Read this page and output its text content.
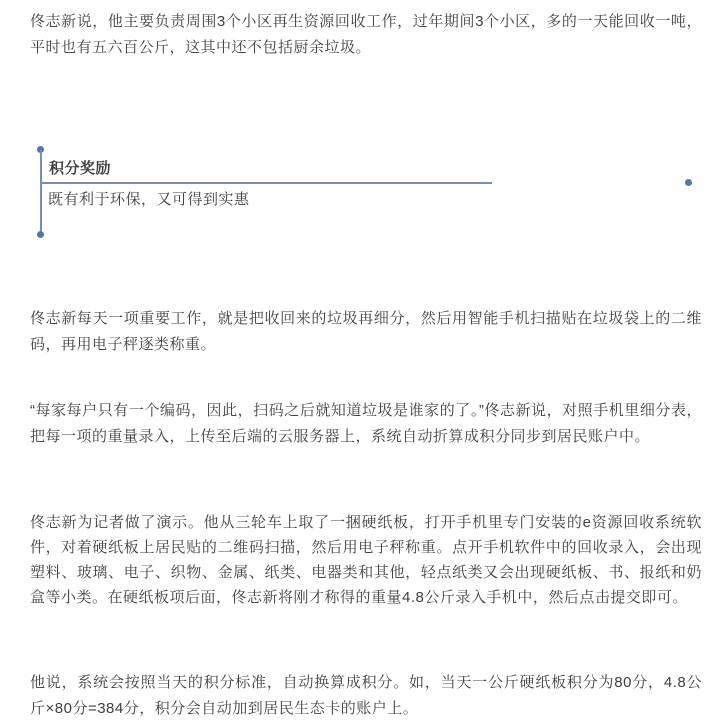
佟志新说，他主要负责周围3个小区再生资源回收工作，过年期间3个小区，多的一天能回收一吨，平时也有五六百公斤，这其中还不包括厨余垃圾。

积分奖励
既有利于环保，又可得到实惠

佟志新每天一项重要工作，就是把收回来的垃圾再细分，然后用智能手机扫描贴在垃圾袋上的二维码，再用电子秤逐类称重。

“每家每户只有一个编码，因此，扫码之后就知道垃圾是谁家的了。”佟志新说，对照手机里细分表，把每一项的重量录入，上传至后端的云服务器上，系统自动折算成积分同步到居民账户中。

佟志新为记者做了演示。他从三轮车上取了一捆硬纸板，打开手机里专门安装的e资源回收系统软件，对着硬纸板上居民贴的二维码扫描，然后用电子秤称重。点开手机软件中的回收录入，会出现塑料、玻璃、电子、织物、金属、纸类、电器类和其他，轻点纸类又会出现硬纸板、书、报纸和奶盒等小类。在硬纸板项后面，佟志新将刚才称得的重量4.8公斤录入手机中，然后点击提交即可。

他说，系统会按照当天的积分标准，自动换算成积分。如，当天一公斤硬纸板积分为80分，4.8公斤×80分=384分，积分会自动加到居民生态卡的账户上。
